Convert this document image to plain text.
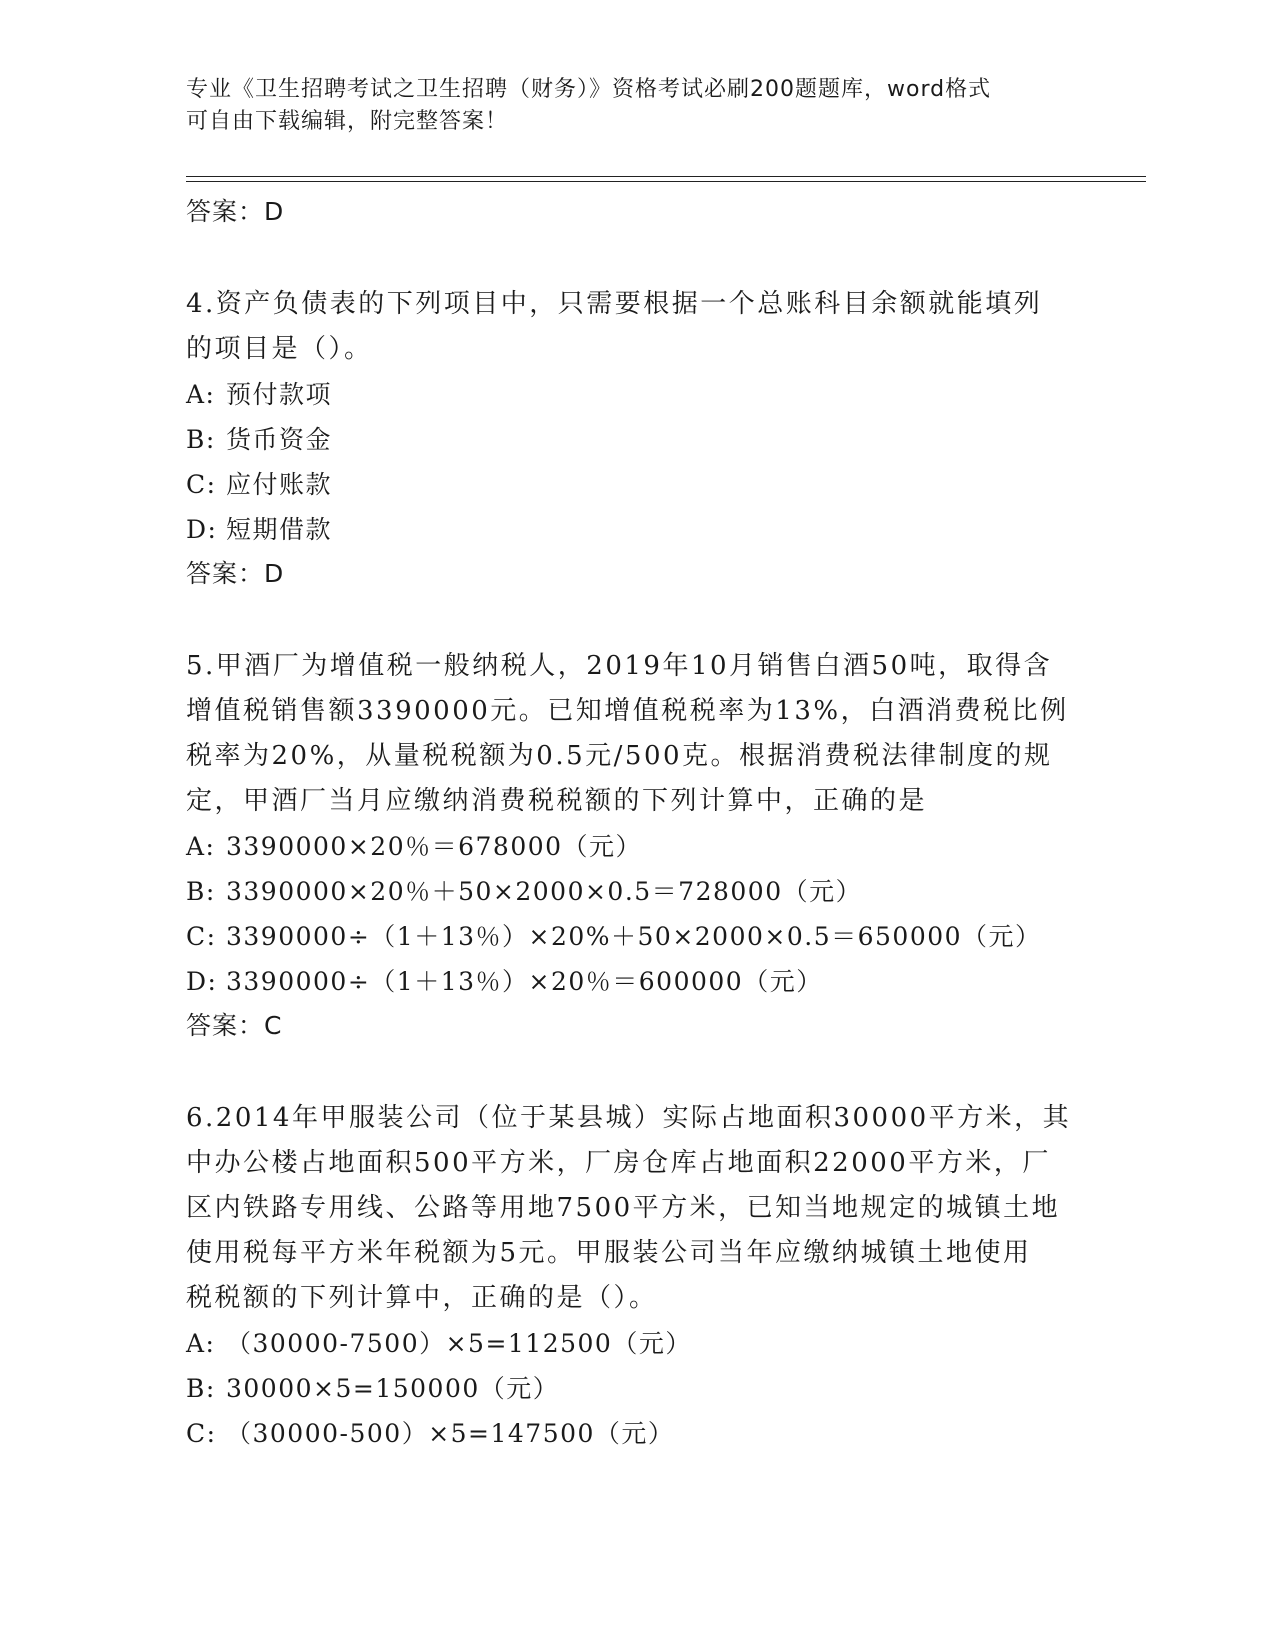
专业《卫生招聘考试之卫生招聘（财务）》资格考试必刷200题题库，word格式
可自由下载编辑，附完整答案！
答案：D
4.资产负债表的下列项目中，只需要根据一个总账科目余额就能填列
的项目是（）。
A: 预付款项
B: 货币资金
C: 应付账款
D: 短期借款
答案：D
5.甲酒厂为增值税一般纳税人，2019年10月销售白酒50吨，取得含
增值税销售额3390000元。已知增值税税率为13%，白酒消费税比例
税率为20%，从量税税额为0.5元/500克。根据消费税法律制度的规
定，甲酒厂当月应缴纳消费税税额的下列计算中，正确的是
A: 3390000×20％＝678000（元）
B: 3390000×20％＋50×2000×0.5＝728000（元）
C: 3390000÷（1＋13％）×20%＋50×2000×0.5＝650000（元）
D: 3390000÷（1＋13％）×20％＝600000（元）
答案：C
6.2014年甲服装公司（位于某县城）实际占地面积30000平方米，其
中办公楼占地面积500平方米，厂房仓库占地面积22000平方米，厂
区内铁路专用线、公路等用地7500平方米，已知当地规定的城镇土地
使用税每平方米年税额为5元。甲服装公司当年应缴纳城镇土地使用
税税额的下列计算中，正确的是（）。
A: （30000-7500）×5=112500（元）
B: 30000×5=150000（元）
C: （30000-500）×5=147500（元）
